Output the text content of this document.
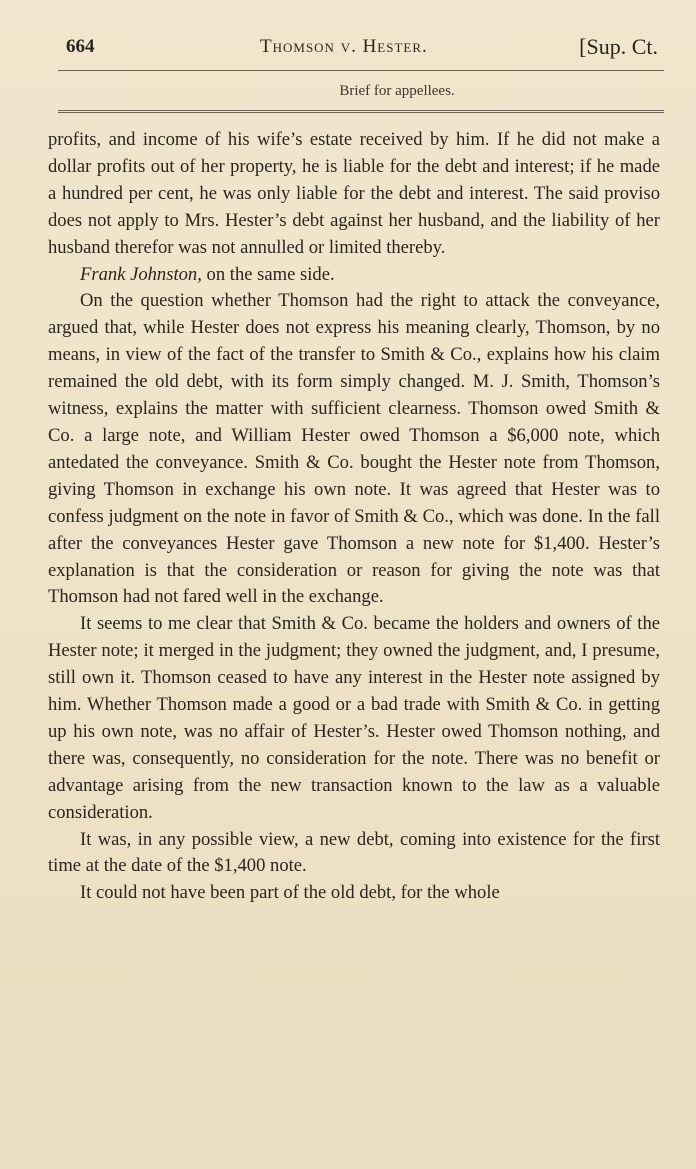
664	Thomson v. Hester.	[Sup. Ct.
Brief for appellees.

profits, and income of his wife’s estate received by him. If he did not make a dollar profits out of her property, he is liable for the debt and interest; if he made a hundred per cent, he was only liable for the debt and interest. The said proviso does not apply to Mrs. Hester’s debt against her husband, and the liability of her husband therefor was not annulled or limited thereby.

Frank Johnston, on the same side.

On the question whether Thomson had the right to attack the conveyance, argued that, while Hester does not express his meaning clearly, Thomson, by no means, in view of the fact of the transfer to Smith & Co., explains how his claim remained the old debt, with its form simply changed. M. J. Smith, Thomson’s witness, explains the matter with sufficient clearness. Thomson owed Smith & Co. a large note, and William Hester owed Thomson a $6,000 note, which antedated the conveyance. Smith & Co. bought the Hester note from Thomson, giving Thomson in exchange his own note. It was agreed that Hester was to confess judgment on the note in favor of Smith & Co., which was done. In the fall after the conveyances Hester gave Thomson a new note for $1,400. Hester’s explanation is that the consideration or reason for giving the note was that Thomson had not fared well in the exchange.

It seems to me clear that Smith & Co. became the holders and owners of the Hester note; it merged in the judgment; they owned the judgment, and, I presume, still own it. Thomson ceased to have any interest in the Hester note assigned by him. Whether Thomson made a good or a bad trade with Smith & Co. in getting up his own note, was no affair of Hester’s. Hester owed Thomson nothing, and there was, consequently, no consideration for the note. There was no benefit or advantage arising from the new transaction known to the law as a valuable consideration.

It was, in any possible view, a new debt, coming into existence for the first time at the date of the $1,400 note.

It could not have been part of the old debt, for the whole
